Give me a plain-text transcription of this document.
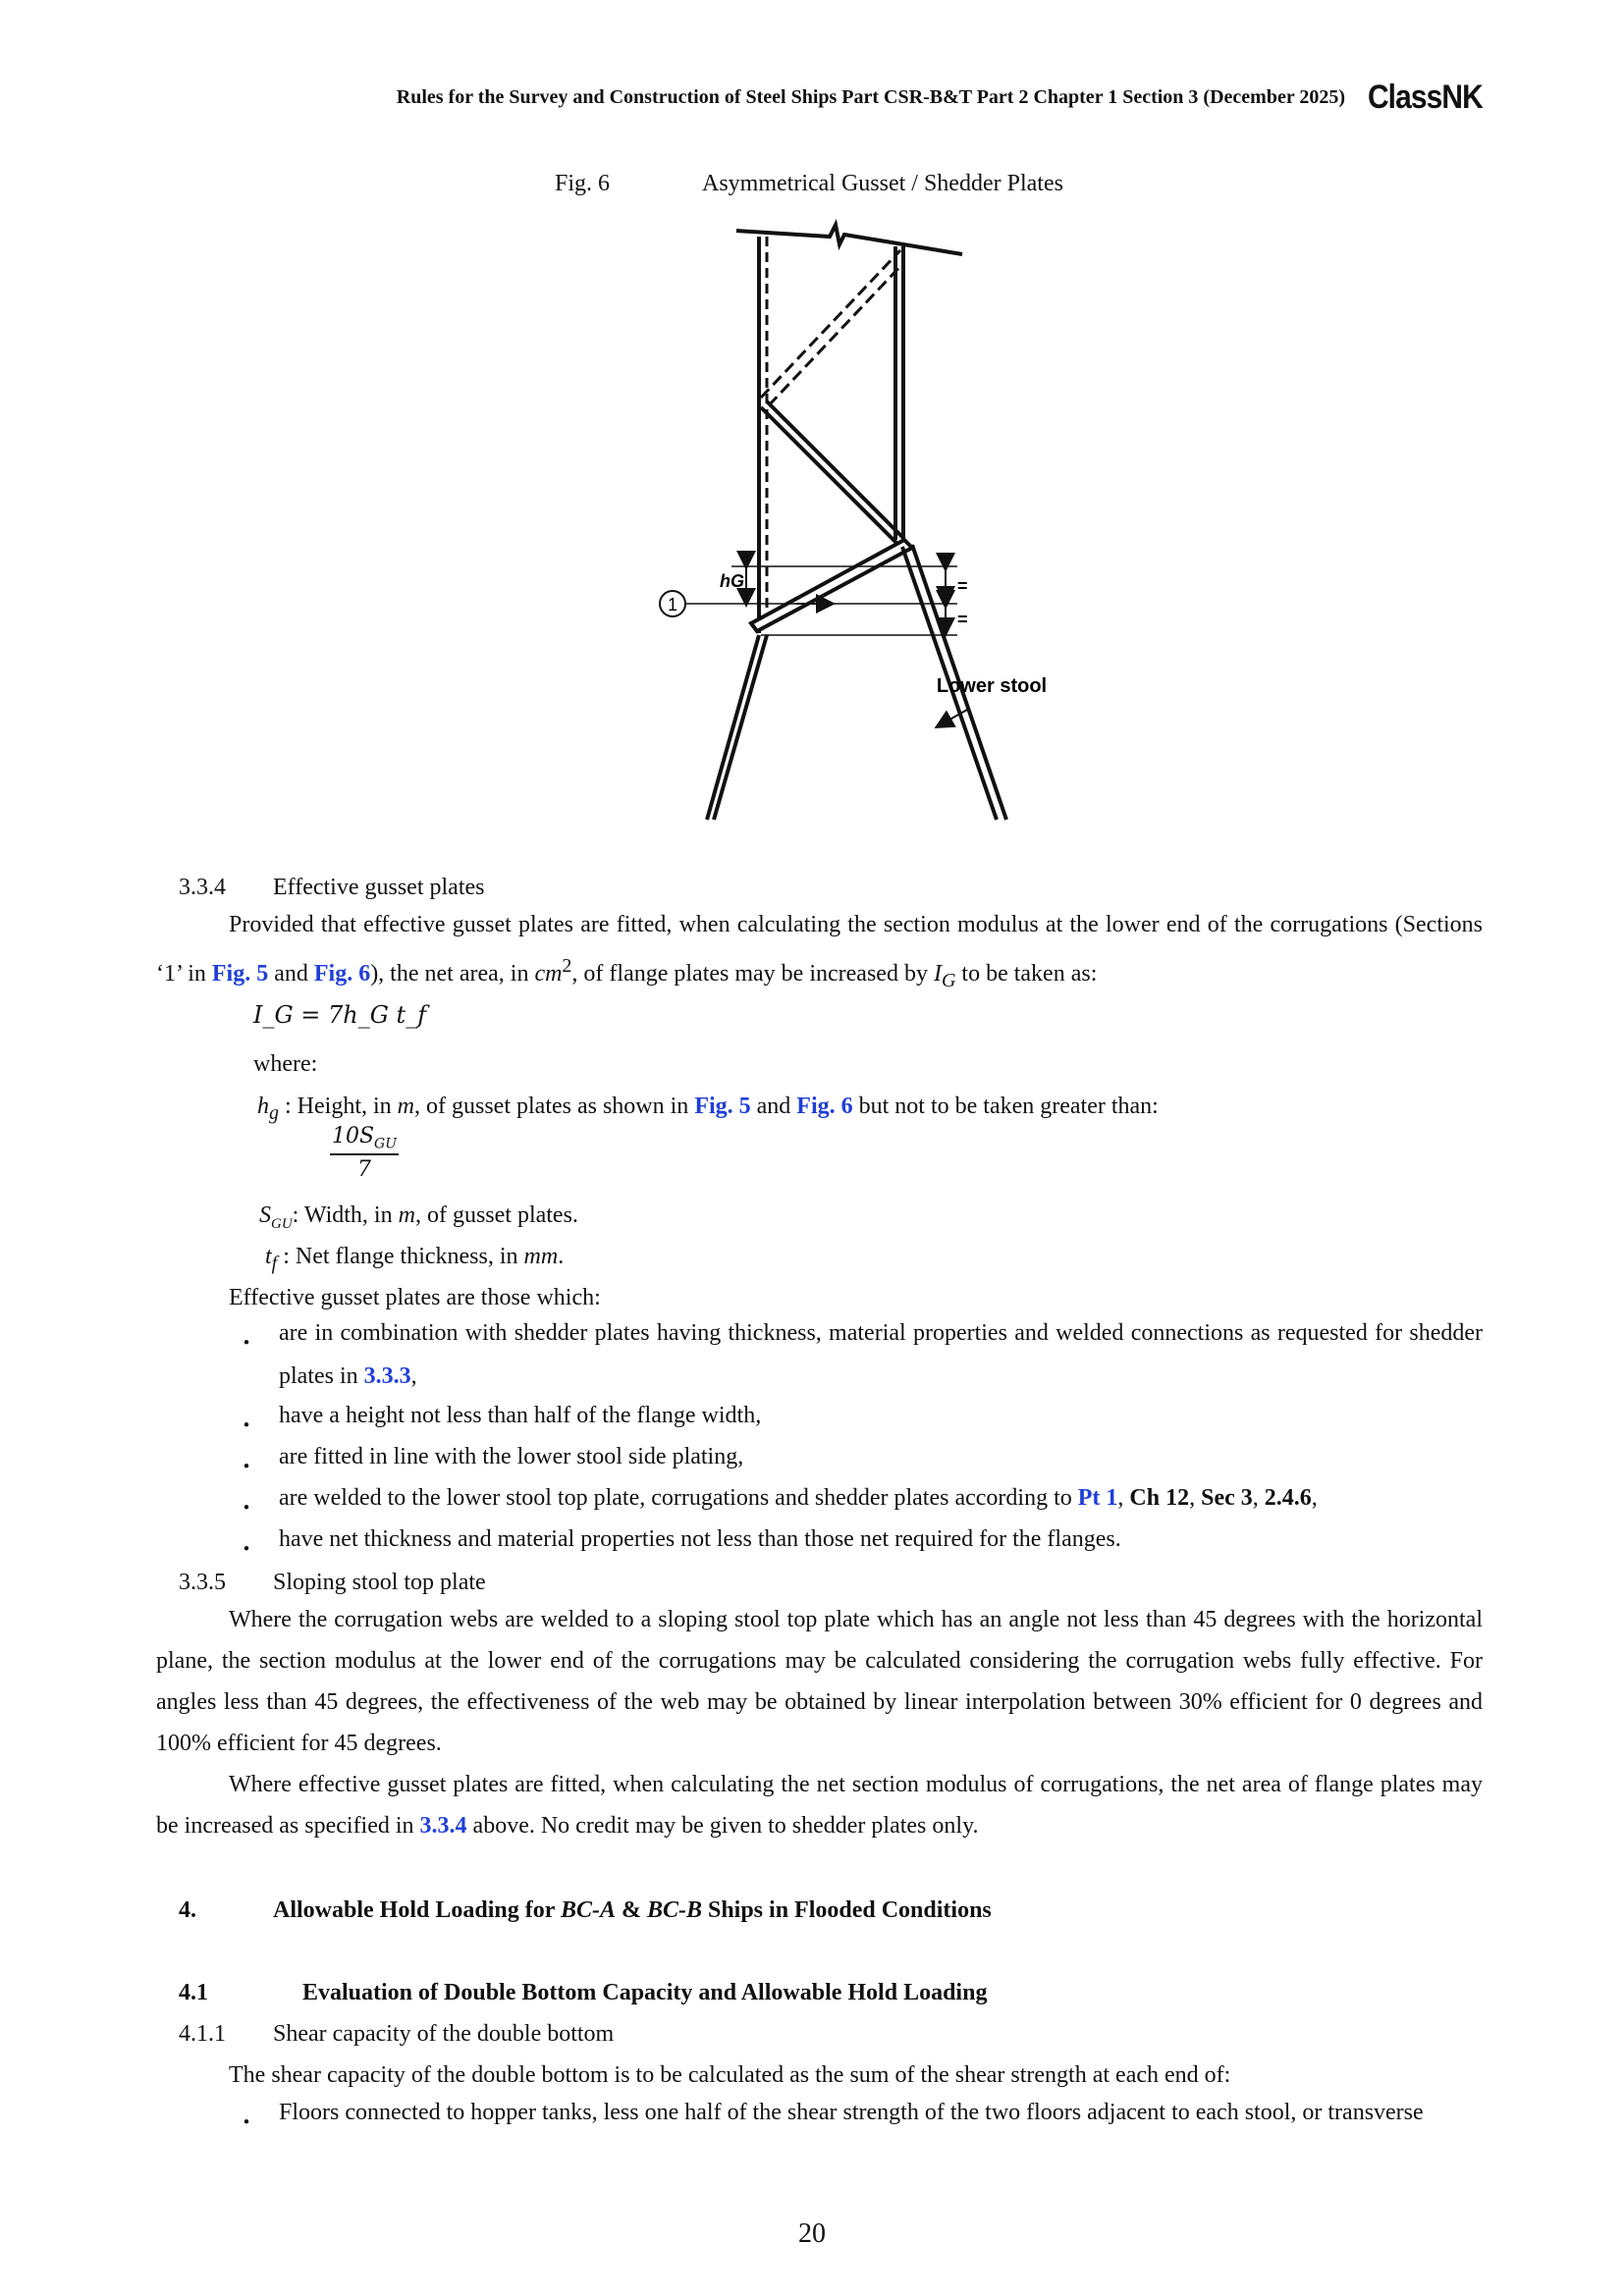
Rules for the Survey and Construction of Steel Ships Part CSR-B&T Part 2 Chapter 1 Section 3 (December 2025) ClassNK
Fig. 6	Asymmetrical Gusset / Shedder Plates
1
hG	=
=
Lower stool
3.3.4 Effective gusset plates
Provided that effective gusset plates are fitted, when calculating the section modulus at the lower end of the corrugations (Sections ‘1’ in Fig. 5 and Fig. 6), the net area, in $cm^2$, of flange plates may be increased by $I_G$ to be taken as:
I_G = 7h_G t_f
where:
$h_g$ : Height, in m, of gusset plates as shown in Fig. 5 and Fig. 6 but not to be taken greater than:
$10S_{GU}$
7
$S_{GU}$: Width, in m, of gusset plates.
$t_f$ : Net flange thickness, in mm.
Effective gusset plates are those which:
・ are in combination with shedder plates having thickness, material properties and welded connections as requested for shedder plates in 3.3.3,
・ have a height not less than half of the flange width,
・ are fitted in line with the lower stool side plating,
・ are welded to the lower stool top plate, corrugations and shedder plates according to Pt 1, Ch 12, Sec 3, 2.4.6,
・ have net thickness and material properties not less than those net required for the flanges.
3.3.5 Sloping stool top plate
Where the corrugation webs are welded to a sloping stool top plate which has an angle not less than 45 degrees with the horizontal plane, the section modulus at the lower end of the corrugations may be calculated considering the corrugation webs fully effective. For angles less than 45 degrees, the effectiveness of the web may be obtained by linear interpolation between 30% efficient for 0 degrees and 100% efficient for 45 degrees.
Where effective gusset plates are fitted, when calculating the net section modulus of corrugations, the net area of flange plates may be increased as specified in 3.3.4 above. No credit may be given to shedder plates only.
4.	Allowable Hold Loading for BC-A & BC-B Ships in Flooded Conditions
4.1	Evaluation of Double Bottom Capacity and Allowable Hold Loading
4.1.1 Shear capacity of the double bottom
The shear capacity of the double bottom is to be calculated as the sum of the shear strength at each end of:
・ Floors connected to hopper tanks, less one half of the shear strength of the two floors adjacent to each stool, or transverse
20
